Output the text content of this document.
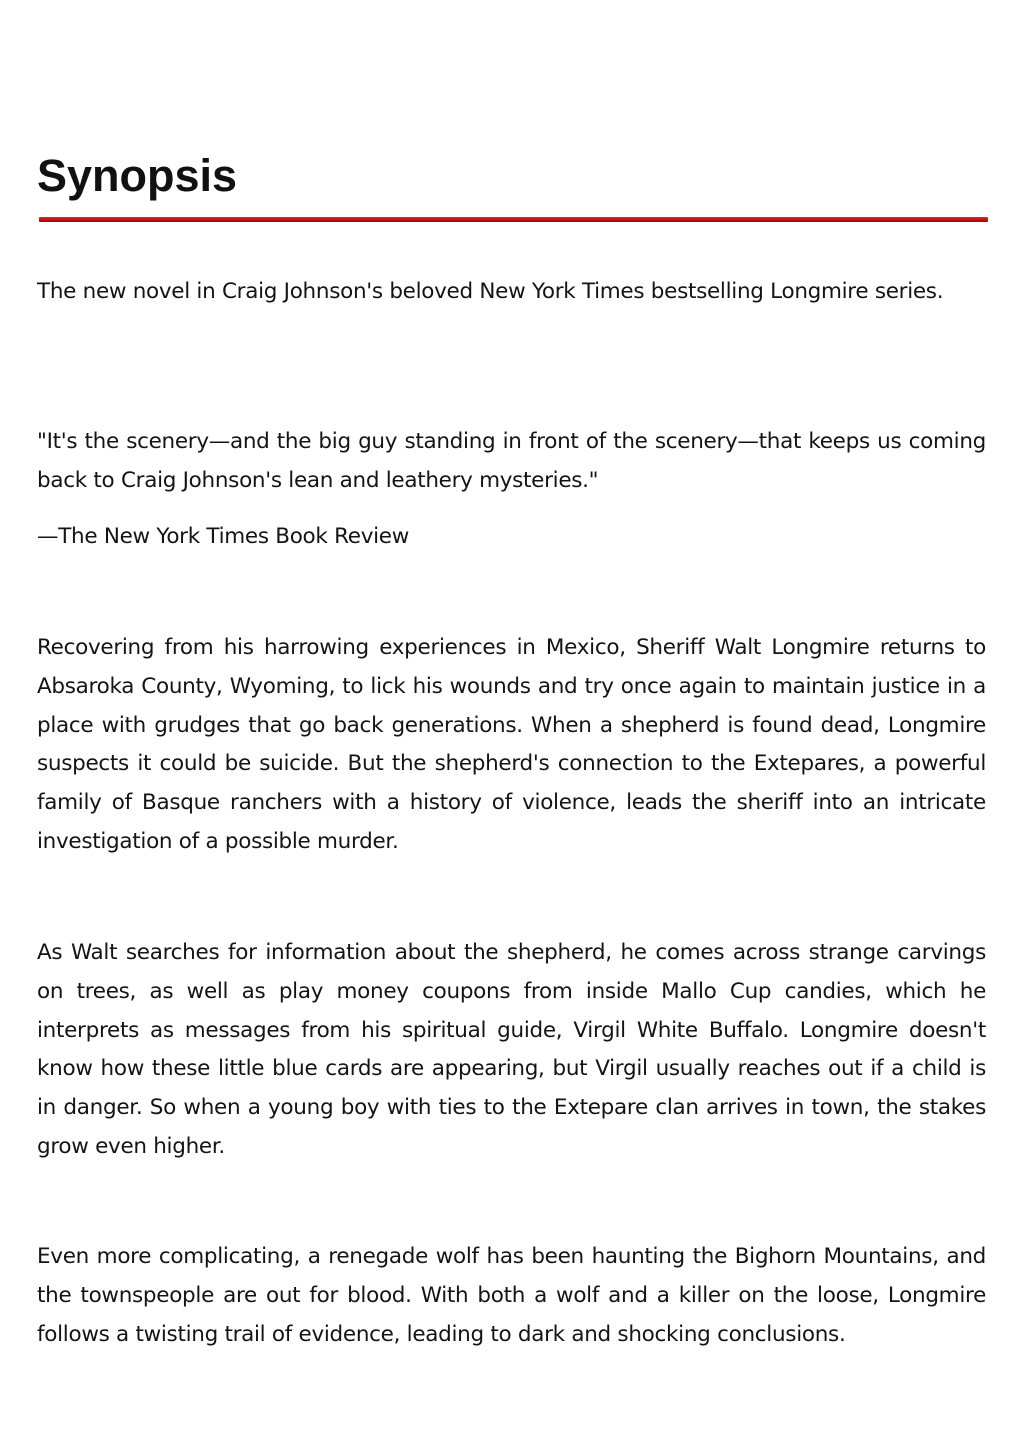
Synopsis

The new novel in Craig Johnson's beloved New York Times bestselling Longmire series.

"It's the scenery—and the big guy standing in front of the scenery—that keeps us coming back to Craig Johnson's lean and leathery mysteries."

—The New York Times Book Review

Recovering from his harrowing experiences in Mexico, Sheriff Walt Longmire returns to Absaroka County, Wyoming, to lick his wounds and try once again to maintain justice in a place with grudges that go back generations. When a shepherd is found dead, Longmire suspects it could be suicide. But the shepherd's connection to the Extepares, a powerful family of Basque ranchers with a history of violence, leads the sheriff into an intricate investigation of a possible murder.

As Walt searches for information about the shepherd, he comes across strange carvings on trees, as well as play money coupons from inside Mallo Cup candies, which he interprets as messages from his spiritual guide, Virgil White Buffalo. Longmire doesn't know how these little blue cards are appearing, but Virgil usually reaches out if a child is in danger. So when a young boy with ties to the Extepare clan arrives in town, the stakes grow even higher.

Even more complicating, a renegade wolf has been haunting the Bighorn Mountains, and the townspeople are out for blood. With both a wolf and a killer on the loose, Longmire follows a twisting trail of evidence, leading to dark and shocking conclusions.
